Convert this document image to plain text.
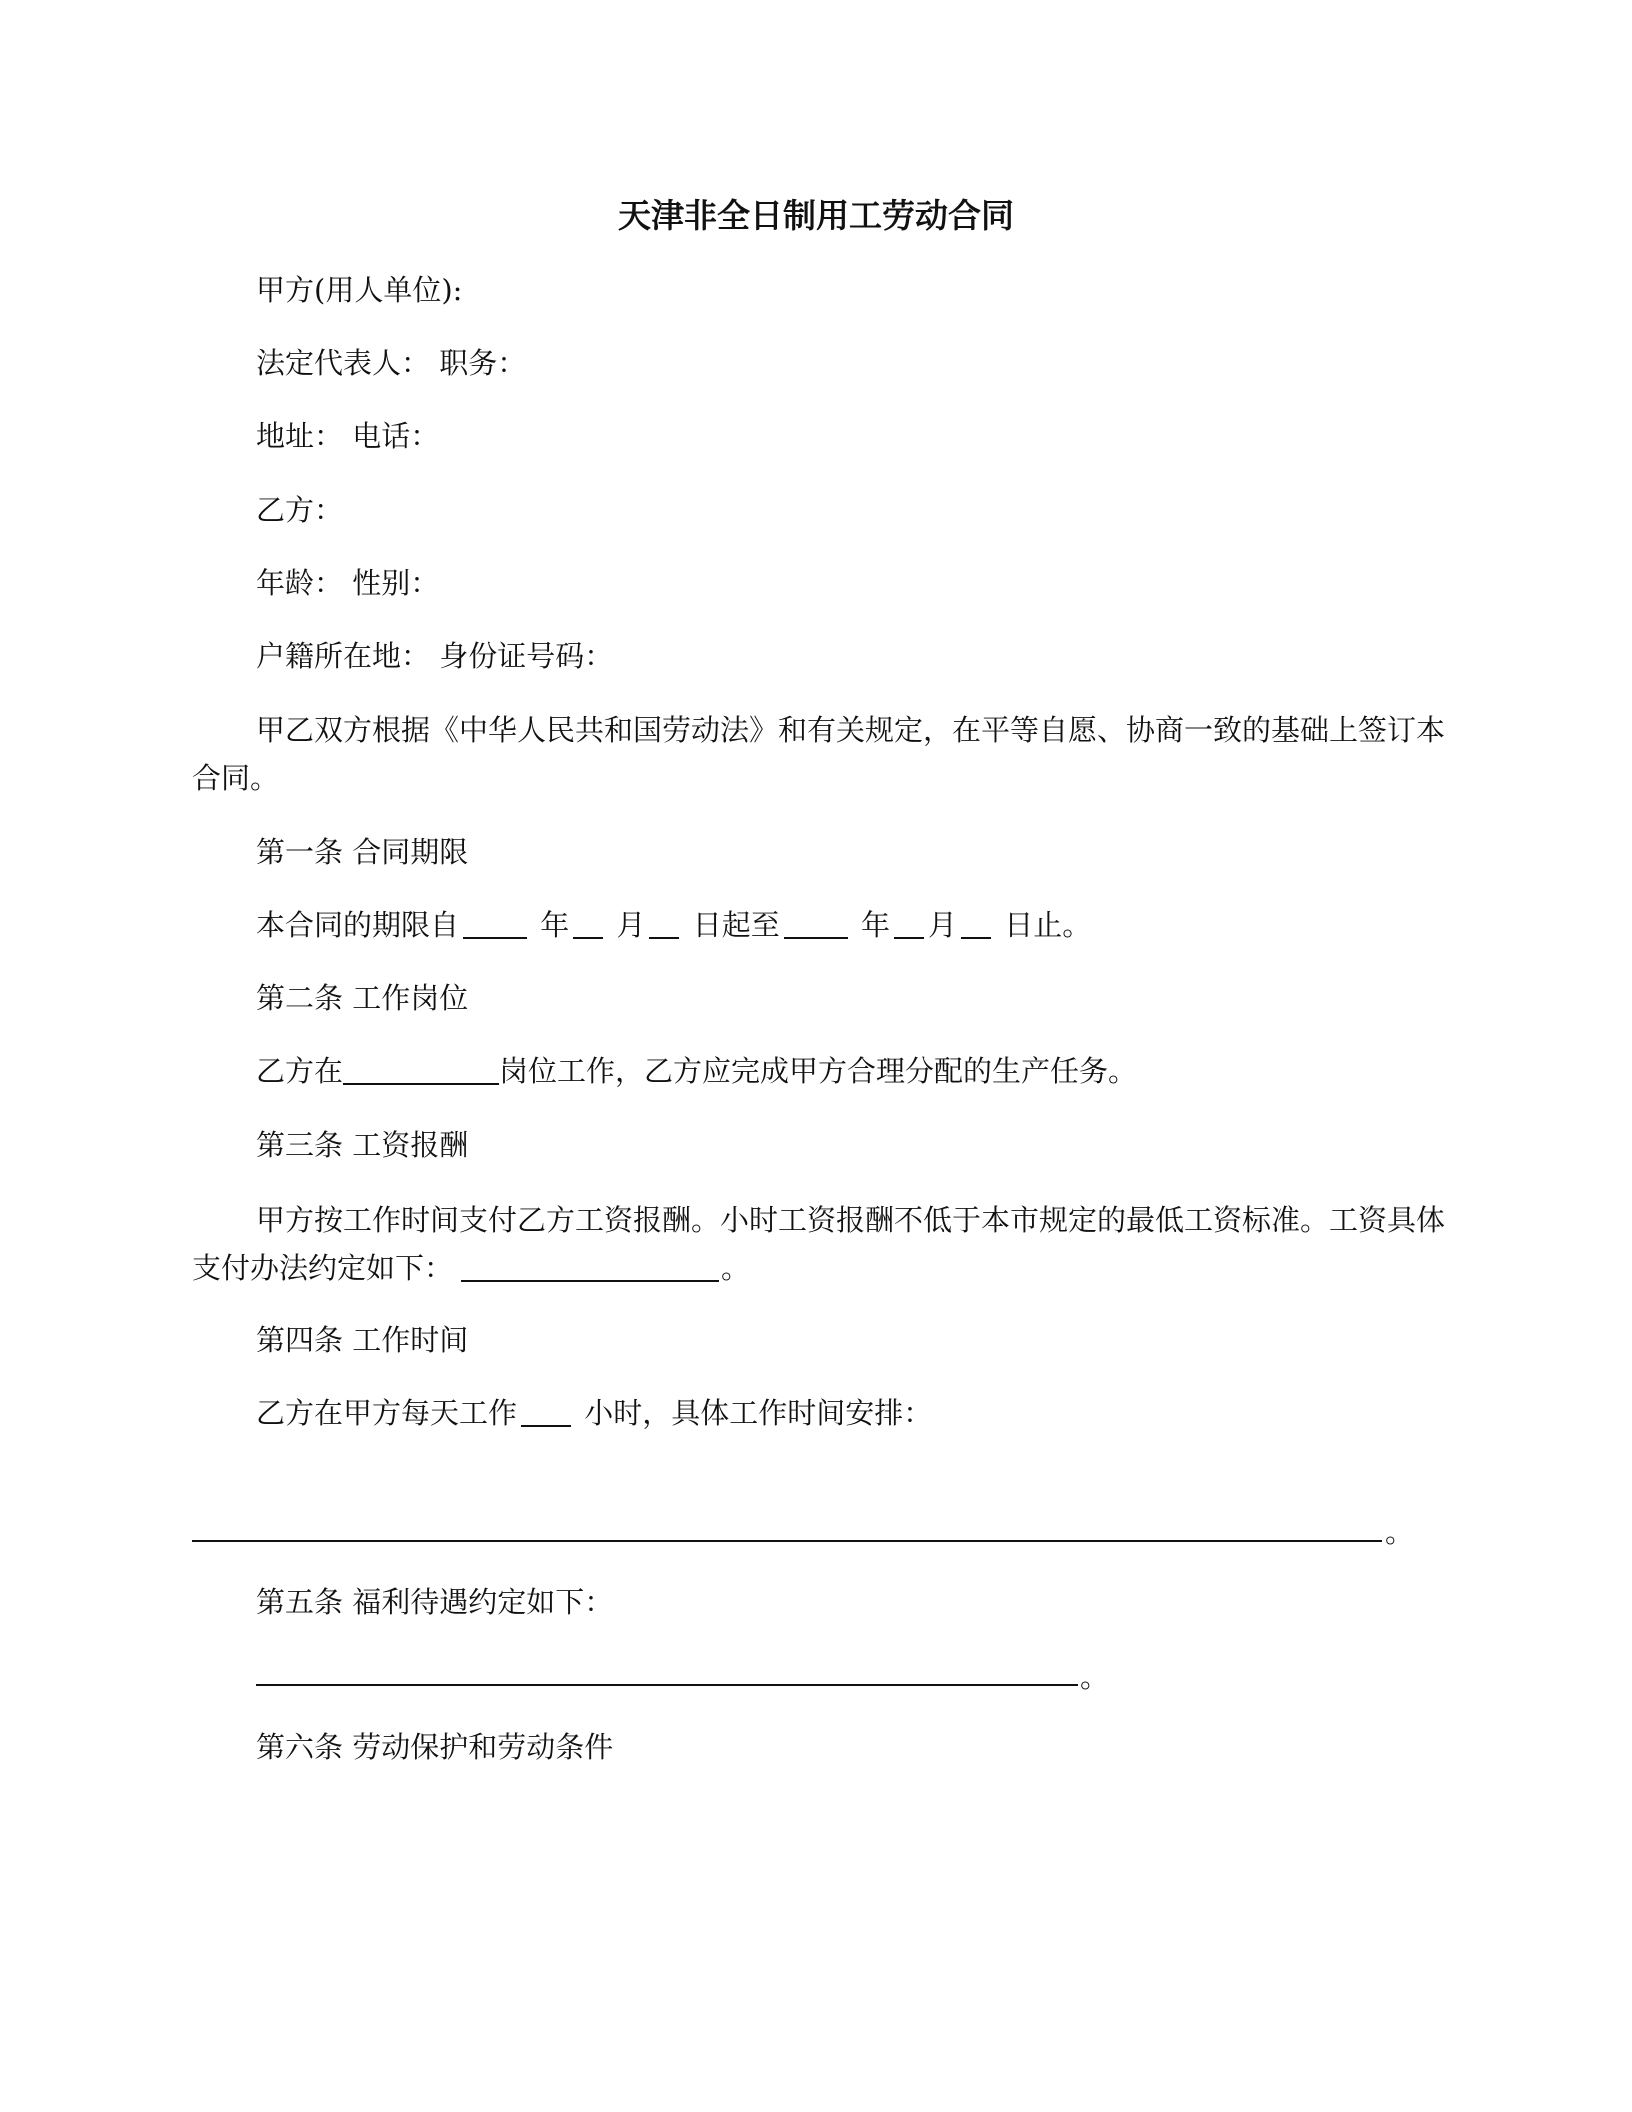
天津非全日制用工劳动合同
甲方(用人单位):
法定代表人： 职务：
地址： 电话：
乙方：
年龄： 性别：
户籍所在地： 身份证号码：
甲乙双方根据《中华人民共和国劳动法》和有关规定，在平等自愿、协商一致的基础上签订本合同。
第一条 合同期限
本合同的期限自	年 月 日起至	年 月 日止。
第二条 工作岗位
乙方在	岗位工作，乙方应完成甲方合理分配的生产任务。
第三条 工资报酬
甲方按工作时间支付乙方工资报酬。小时工资报酬不低于本市规定的最低工资标准。工资具体支付办法约定如下：	。
第四条 工作时间
乙方在甲方每天工作 小时，具体工作时间安排：
。
第五条 福利待遇约定如下：
。
第六条 劳动保护和劳动条件
